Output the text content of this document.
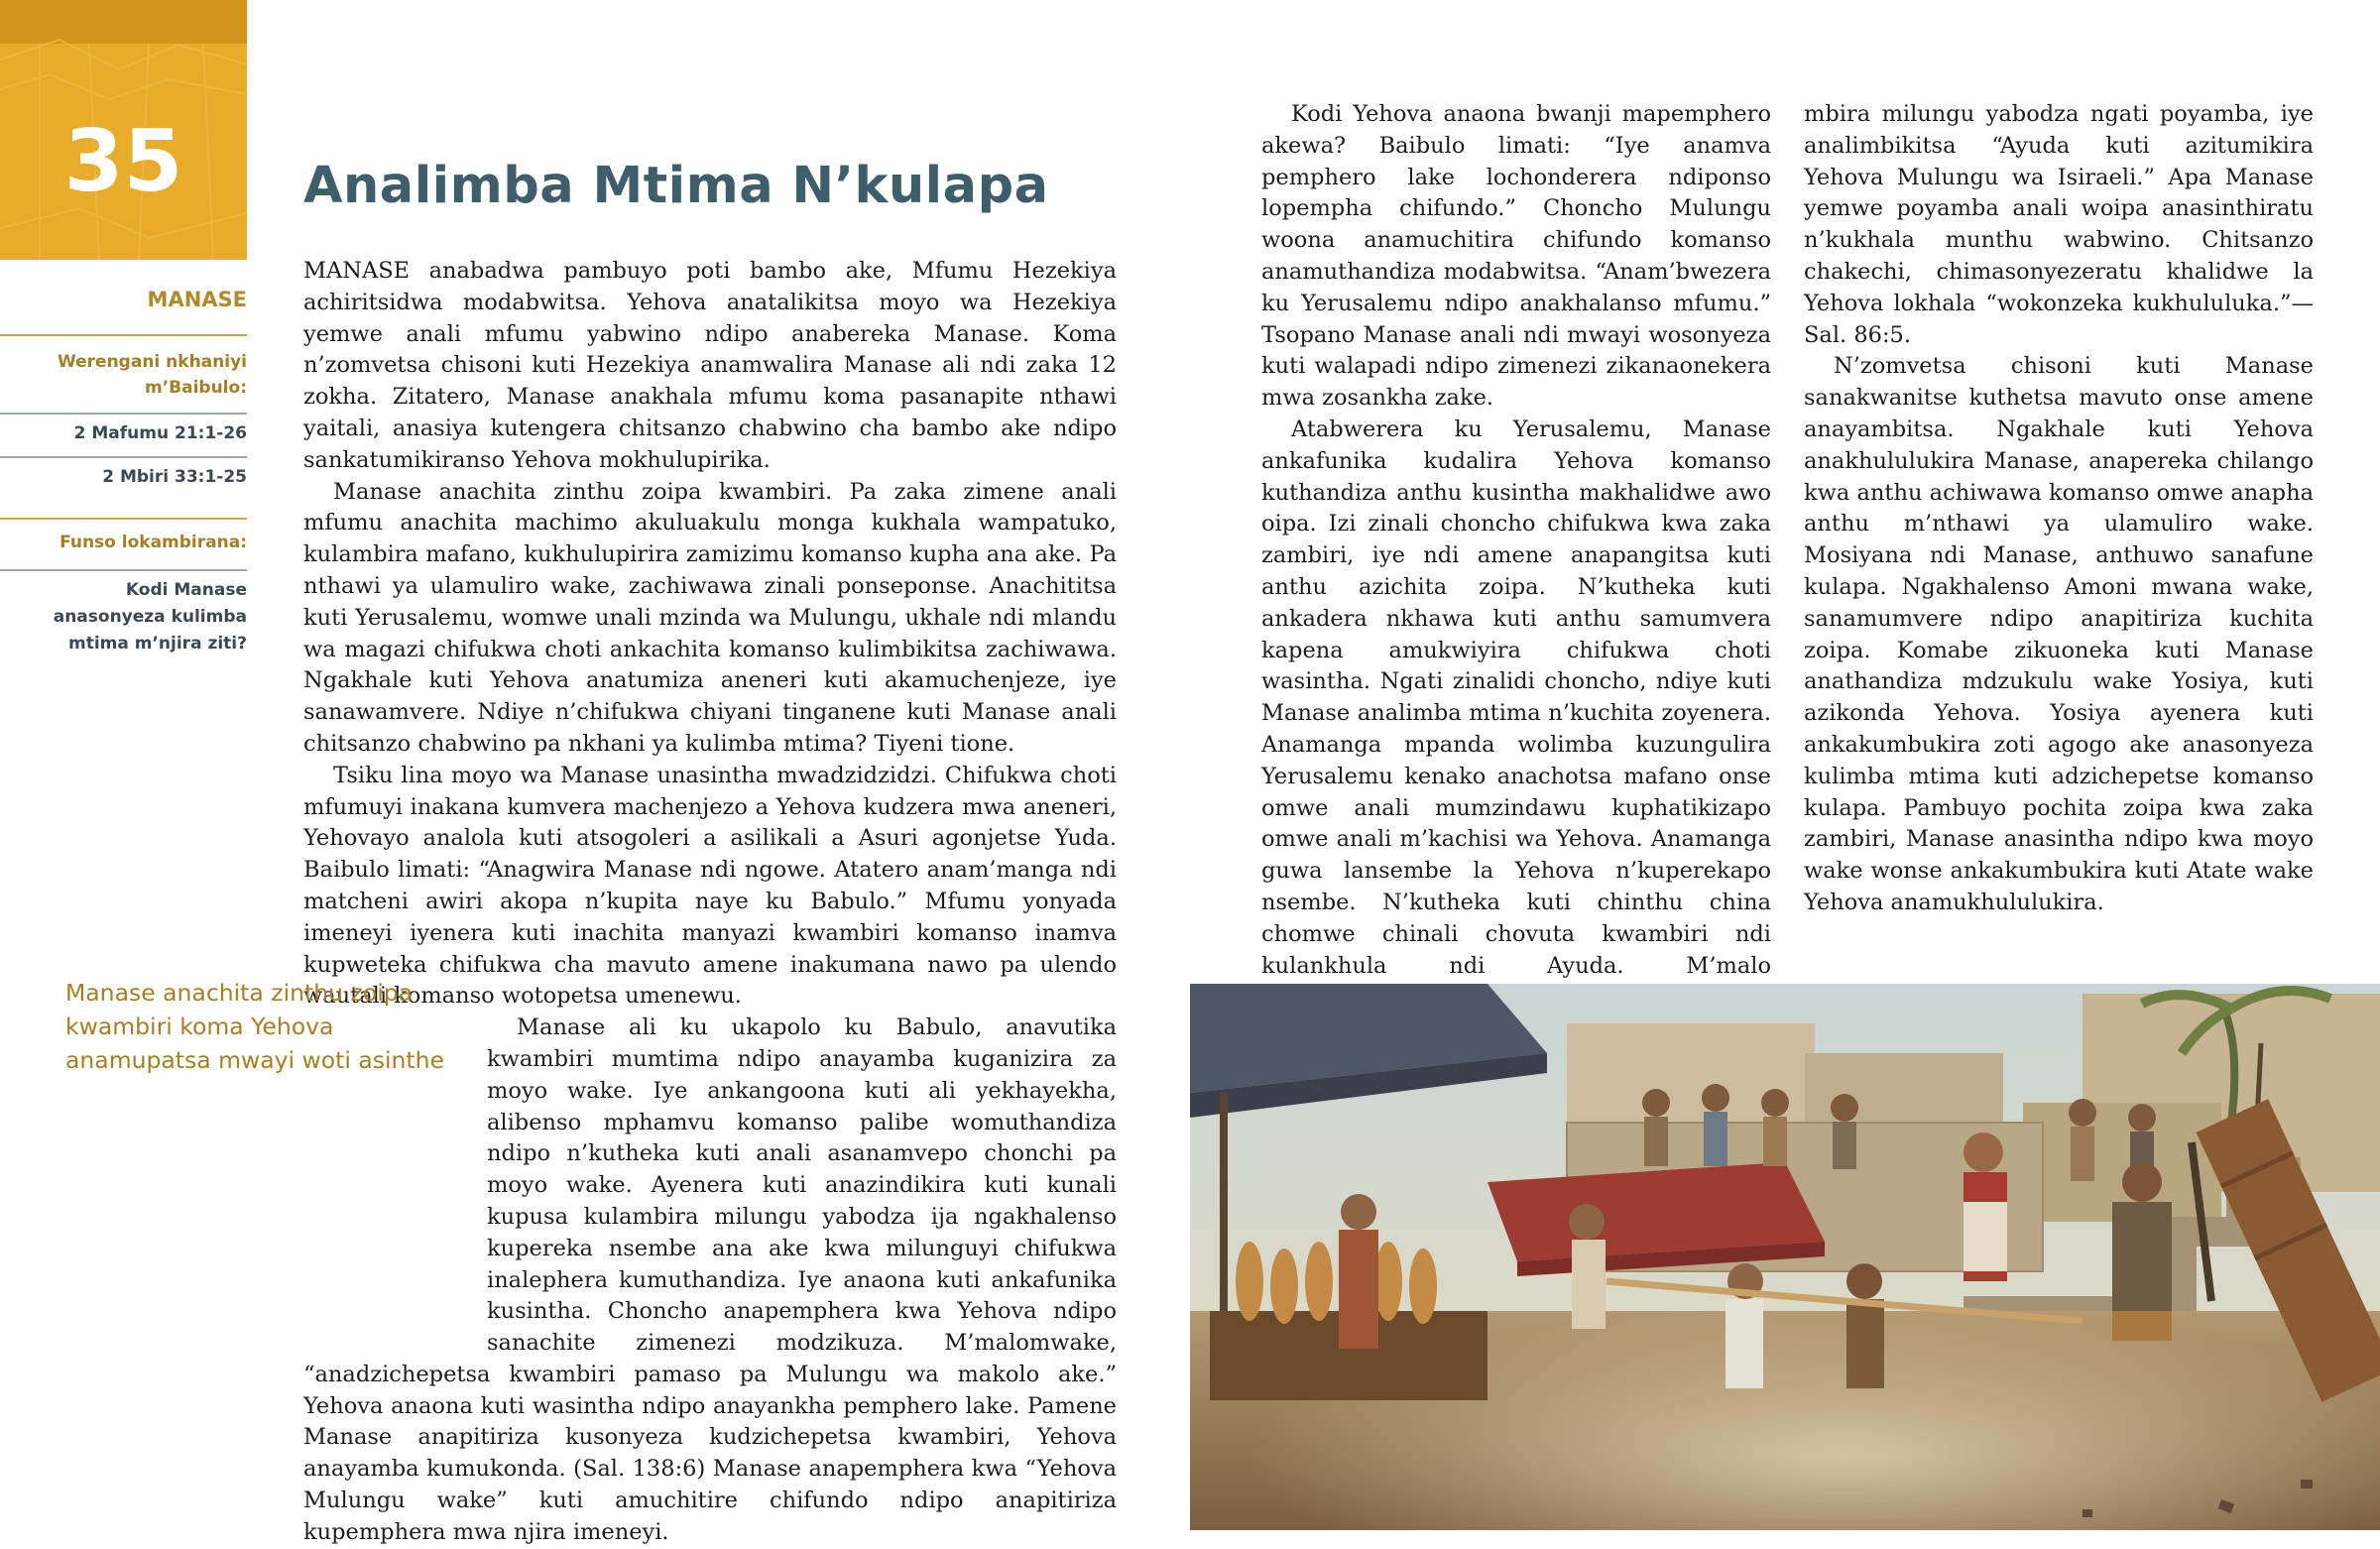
35
MANASE
Werengani nkhaniyi m’Baibulo:
2 Mafumu 21:1-26
2 Mbiri 33:1-25
Funso lokambirana:
Kodi Manase anasonyeza kulimba mtima m’njira ziti?
Analimba Mtima N’kulapa

MANASE anabadwa pambuyo poti bambo ake, Mfumu Hezekiya achiritsidwa modabwitsa. Yehova anatalikitsa moyo wa Hezekiya yemwe anali mfumu yabwino ndipo anabereka Manase. Koma n’zomvetsa chisoni kuti Hezekiya anamwalira Manase ali ndi zaka 12 zokha. Zitatero, Manase anakhala mfumu koma pasanapite nthawi yaitali, anasiya kutengera chitsanzo chabwino cha bambo ake ndipo sankatumikiranso Yehova mokhulupirika.

Manase anachita zinthu zoipa kwambiri. Pa zaka zimene anali mfumu anachita machimo akuluakulu monga kukhala wampatuko, kulambira mafano, kukhulupirira zamizimu komanso kupha ana ake. Pa nthawi ya ulamuliro wake, zachiwawa zinali ponseponse. Anachititsa kuti Yerusalemu, womwe unali mzinda wa Mulungu, ukhale ndi mlandu wa magazi chifukwa choti ankachita komanso kulimbikitsa zachiwawa. Ngakhale kuti Yehova anatumiza aneneri kuti akamuchenjeze, iye sanawamvere. Ndiye n’chifukwa chiyani tinganene kuti Manase anali chitsanzo chabwino pa nkhani ya kulimba mtima? Tiyeni tione.

Tsiku lina moyo wa Manase unasintha mwadzidzidzi. Chifukwa choti mfumuyi inakana kumvera machenjezo a Yehova kudzera mwa aneneri, Yehovayo analola kuti atsogoleri a asilikali a Asuri agonjetse Yuda. Baibulo limati: “Anagwira Manase ndi ngowe. Atatero anam’manga ndi matcheni awiri akopa n’kupita naye ku Babulo.” Mfumu yonyada imeneyi iyenera kuti inachita manyazi kwambiri komanso inamva kupweteka chifukwa cha mavuto amene inakumana nawo pa ulendo wautali komanso wotopetsa umenewu.

Manase ali ku ukapolo ku Babulo, anavutika kwambiri mumtima ndipo anayamba kuganizira za moyo wake. Iye ankangoona kuti ali yekhayekha, alibenso mphamvu komanso palibe womuthandiza ndipo n’kutheka kuti anali asanamvepo chonchi pa moyo wake. Ayenera kuti anazindikira kuti kunali kupusa kulambira milungu yabodza ija ngakhalenso kupereka nsembe ana ake kwa milunguyi chifukwa inalephera kumuthandiza. Iye anaona kuti ankafunika kusintha. Choncho anapemphera kwa Yehova ndipo sanachite zimenezi modzikuza. M’malomwake, “anadzichepetsa kwambiri pamaso pa Mulungu wa makolo ake.” Yehova anaona kuti wasintha ndipo anayankha pemphero lake. Pamene Manase anapitiriza kusonyeza kudzichepetsa kwambiri, Yehova anayamba kumukonda. (Sal. 138:6) Manase anapemphera kwa “Yehova Mulungu wake” kuti amuchitire chifundo ndipo anapitiriza kupemphera mwa njira imeneyi.

Manase anachita zinthu zoipa kwambiri koma Yehova anamupatsa mwayi woti asinthe

Kodi Yehova anaona bwanji mapemphero akewa? Baibulo limati: “Iye anamva pemphero lake lochonderera ndiponso lopempha chifundo.” Choncho Mulungu woona anamuchitira chifundo komanso anamuthandiza modabwitsa. “Anam’bwezera ku Yerusalemu ndipo anakhalanso mfumu.” Tsopano Manase anali ndi mwayi wosonyeza kuti walapadi ndipo zimenezi zikanaonekera mwa zosankha zake.

Atabwerera ku Yerusalemu, Manase ankafunika kudalira Yehova komanso kuthandiza anthu kusintha makhalidwe awo oipa. Izi zinali choncho chifukwa kwa zaka zambiri, iye ndi amene anapangitsa kuti anthu azichita zoipa. N’kutheka kuti ankadera nkhawa kuti anthu samumvera kapena amukwiyira chifukwa choti wasintha. Ngati zinalidi choncho, ndiye kuti Manase analimba mtima n’kuchita zoyenera. Anamanga mpanda wolimba kuzungulira Yerusalemu kenako anachotsa mafano onse omwe anali mumzindawu kuphatikizapo omwe anali m’kachisi wa Yehova. Anamanga guwa lansembe la Yehova n’kuperekapo nsembe. N’kutheka kuti chinthu china chomwe chinali chovuta kwambiri ndi kulankhula ndi Ayuda. M’malo

mbira milungu yabodza ngati poyamba, iye analimbikitsa “Ayuda kuti azitumikira Yehova Mulungu wa Isiraeli.” Apa Manase yemwe poyamba anali woipa anasinthiratu n’kukhala munthu wabwino. Chitsanzo chakechi, chimasonyezeratu khalidwe la Yehova lokhala “wokonzeka kukhululuka.”—Sal. 86:5.

N’zomvetsa chisoni kuti Manase sanakwanitse kuthetsa mavuto onse amene anayambitsa. Ngakhale kuti Yehova anakhululukira Manase, anapereka chilango kwa anthu achiwawa komanso omwe anapha anthu m’nthawi ya ulamuliro wake. Mosiyana ndi Manase, anthuwo sanafune kulapa. Ngakhalenso Amoni mwana wake, sanamumvere ndipo anapitiriza kuchita zoipa. Komabe zikuoneka kuti Manase anathandiza mdzukulu wake Yosiya, kuti azikonda Yehova. Yosiya ayenera kuti ankakumbukira zoti agogo ake anasonyeza kulimba mtima kuti adzichepetse komanso kulapa. Pambuyo pochita zoipa kwa zaka zambiri, Manase anasintha ndipo kwa moyo wake wonse ankakumbukira kuti Atate wake Yehova anamukhululukira.
